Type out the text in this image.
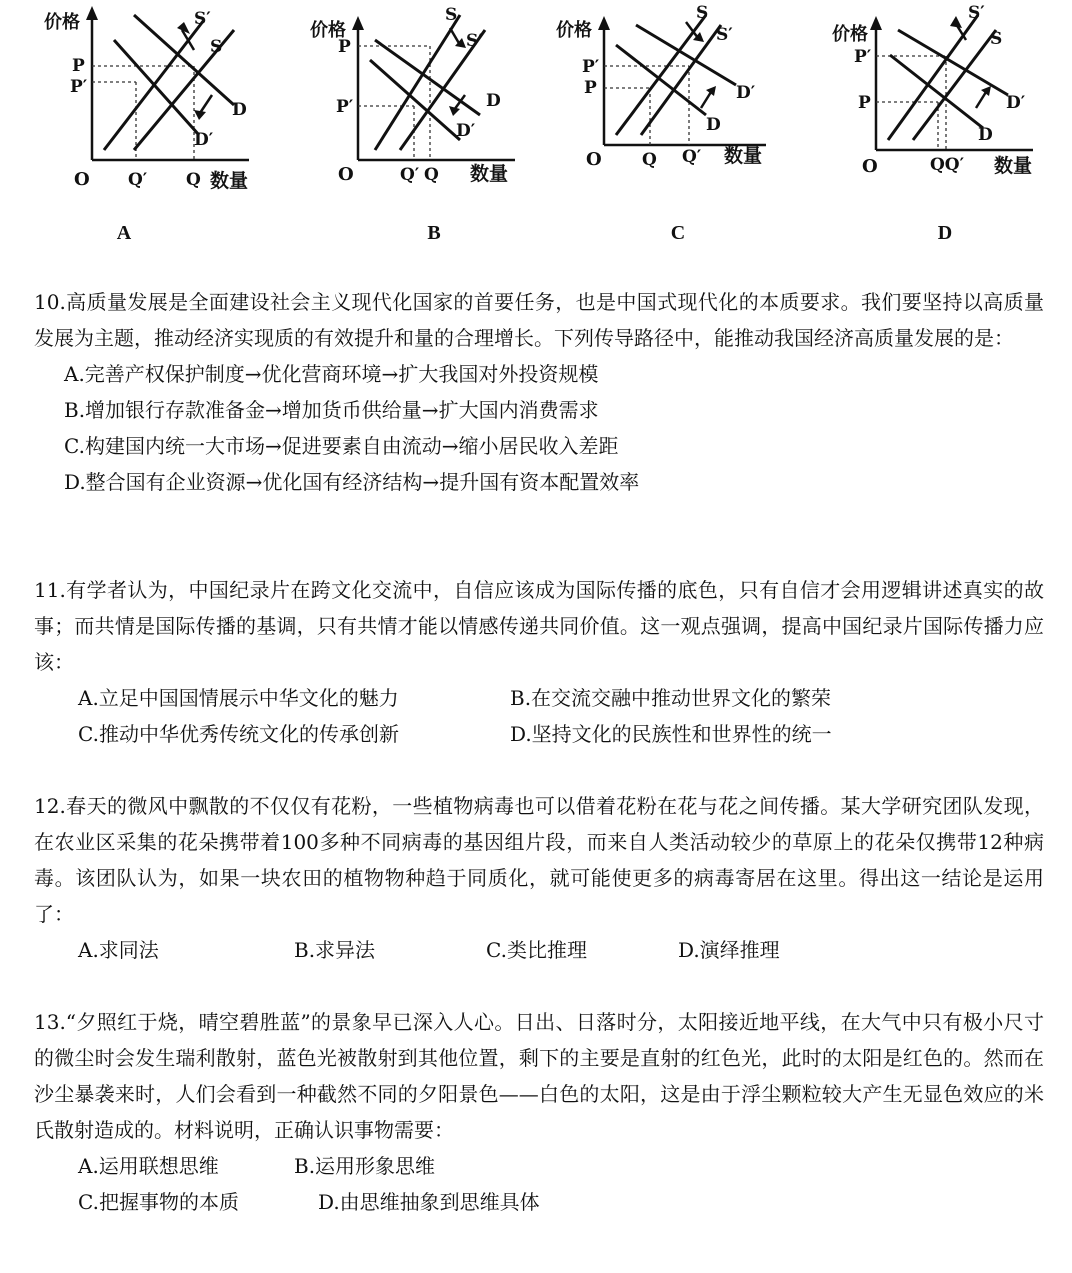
价格
数量
O
P
P′
Q′ Q
S′
S
D
D′
A
价格
数量
O
P
P′
Q′ Q
S
S′
D
D′
B
价格
数量
O
P′
P
Q Q′
S
S′
D′
D
C
价格
数量
O
P′
P
QQ′
S′
S
D′
D
D
10.高质量发展是全面建设社会主义现代化国家的首要任务，也是中国式现代化的本质要求。我们要坚持以高质量发展为主题，推动经济实现质的有效提升和量的合理增长。下列传导路径中，能推动我国经济高质量发展的是：
A.完善产权保护制度→优化营商环境→扩大我国对外投资规模
B.增加银行存款准备金→增加货币供给量→扩大国内消费需求
C.构建国内统一大市场→促进要素自由流动→缩小居民收入差距
D.整合国有企业资源→优化国有经济结构→提升国有资本配置效率
11.有学者认为，中国纪录片在跨文化交流中，自信应该成为国际传播的底色，只有自信才会用逻辑讲述真实的故事；而共情是国际传播的基调，只有共情才能以情感传递共同价值。这一观点强调，提高中国纪录片国际传播力应该：
A.立足中国国情展示中华文化的魅力	B.在交流交融中推动世界文化的繁荣
C.推动中华优秀传统文化的传承创新	D.坚持文化的民族性和世界性的统一
12.春天的微风中飘散的不仅仅有花粉，一些植物病毒也可以借着花粉在花与花之间传播。某大学研究团队发现，在农业区采集的花朵携带着100多种不同病毒的基因组片段，而来自人类活动较少的草原上的花朵仅携带12种病毒。该团队认为，如果一块农田的植物物种趋于同质化，就可能使更多的病毒寄居在这里。得出这一结论是运用了：
A.求同法	B.求异法	C.类比推理	D.演绎推理
13.“夕照红于烧，晴空碧胜蓝”的景象早已深入人心。日出、日落时分，太阳接近地平线，在大气中只有极小尺寸的微尘时会发生瑞利散射，蓝色光被散射到其他位置，剩下的主要是直射的红色光，此时的太阳是红色的。然而在沙尘暴袭来时，人们会看到一种截然不同的夕阳景色——白色的太阳，这是由于浮尘颗粒较大产生无显色效应的米氏散射造成的。材料说明，正确认识事物需要：
A.运用联想思维	B.运用形象思维
C.把握事物的本质	D.由思维抽象到思维具体
